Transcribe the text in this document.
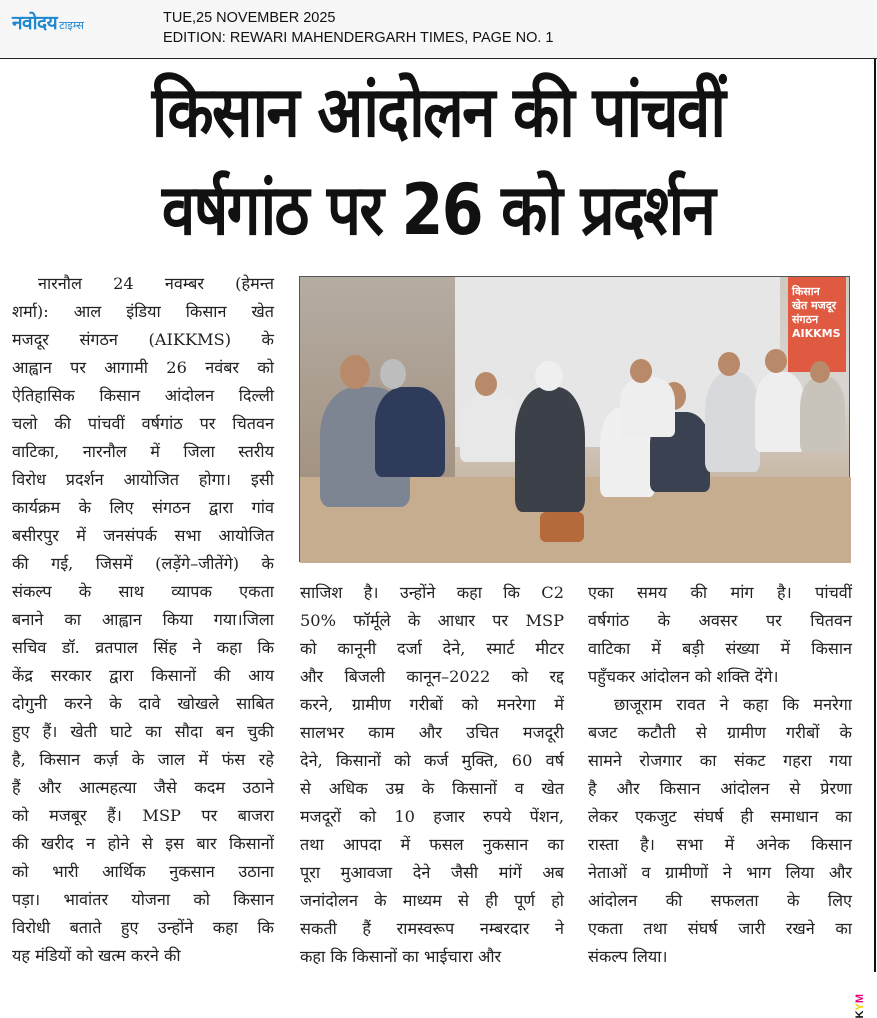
नवोदय टाइम्स	TUE,25 NOVEMBER 2025
EDITION: REWARI MAHENDERGARH TIMES, PAGE NO. 1
किसान आंदोलन की पांचवीं
वर्षगांठ पर 26 को प्रदर्शन
नारनौल 24 नवम्बर (हेमन्त
शर्मा): आल इंडिया किसान खेत
मजदूर संगठन (AIKKMS) के
आह्वान पर आगामी 26 नवंबर को
ऐतिहासिक किसान आंदोलन दिल्ली
चलो की पांचवीं वर्षगांठ पर चितवन
वाटिका, नारनौल में जिला स्तरीय
विरोध प्रदर्शन आयोजित होगा। इसी
कार्यक्रम के लिए संगठन द्वारा गांव
बसीरपुर में जनसंपर्क सभा आयोजित
की गई, जिसमें (लड़ेंगे–जीतेंगे) के
संकल्प के साथ व्यापक एकता
बनाने का आह्वान किया गया।जिला
सचिव डॉ. व्रतपाल सिंह ने कहा कि
केंद्र सरकार द्वारा किसानों की आय
दोगुनी करने के दावे खोखले साबित
हुए हैं। खेती घाटे का सौदा बन चुकी
है, किसान कर्ज़ के जाल में फंस रहे
हैं और आत्महत्या जैसे कदम उठाने
को मजबूर हैं। MSP पर बाजरा
की खरीद न होने से इस बार किसानों
को भारी आर्थिक नुकसान उठाना
पड़ा। भावांतर योजना को किसान
विरोधी बताते हुए उन्होंने कहा कि
यह मंडियों को खत्म करने की
किसान
खेत मजदूर
संगठन
AIKKMS
साजिश है। उन्होंने कहा कि C2
50% फॉर्मूले के आधार पर MSP
को कानूनी दर्जा देने, स्मार्ट मीटर
और बिजली कानून–2022 को रद्द
करने, ग्रामीण गरीबों को मनरेगा में
सालभर काम और उचित मजदूरी
देने, किसानों को कर्ज मुक्ति, 60 वर्ष
से अधिक उम्र के किसानों व खेत
मजदूरों को 10 हजार रुपये पेंशन,
तथा आपदा में फसल नुकसान का
पूरा मुआवजा देने जैसी मांगें अब
जनांदोलन के माध्यम से ही पूर्ण हो
सकती हैं रामस्वरूप नम्बरदार ने
कहा कि किसानों का भाईचारा और
एका समय की मांग है। पांचवीं
वर्षगांठ के अवसर पर चितवन
वाटिका में बड़ी संख्या में किसान
पहुँचकर आंदोलन को शक्ति देंगे।
छाजूराम रावत ने कहा कि मनरेगा
बजट कटौती से ग्रामीण गरीबों के
सामने रोजगार का संकट गहरा गया
है और किसान आंदोलन से प्रेरणा
लेकर एकजुट संघर्ष ही समाधान का
रास्ता है। सभा में अनेक किसान
नेताओं व ग्रामीणों ने भाग लिया और
आंदोलन की सफलता के लिए
एकता तथा संघर्ष जारी रखने का
संकल्प लिया।
KYM
